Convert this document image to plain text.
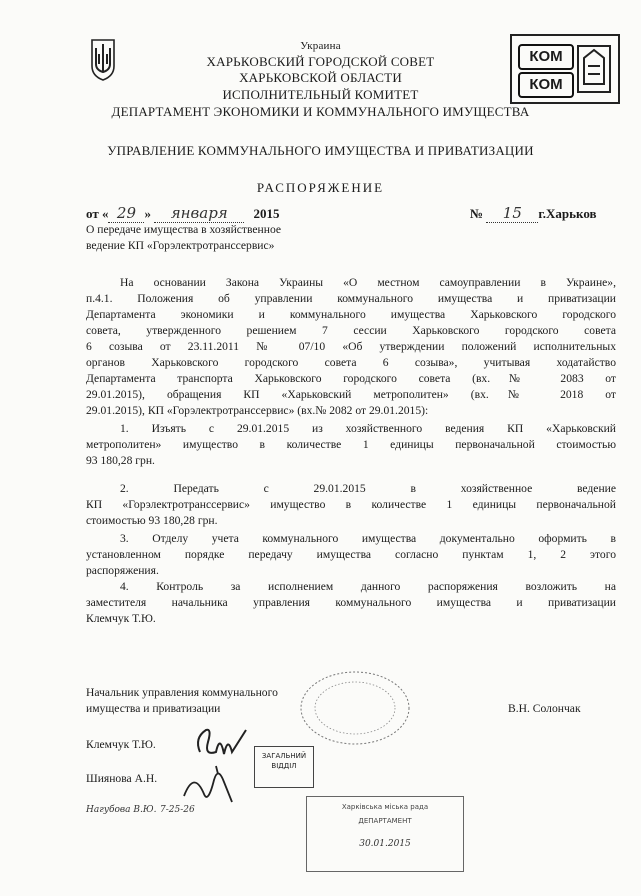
Украина
ХАРЬКОВСКИЙ ГОРОДСКОЙ СОВЕТ
ХАРЬКОВСКОЙ ОБЛАСТИ
ИСПОЛНИТЕЛЬНЫЙ КОМИТЕТ
ДЕПАРТАМЕНТ ЭКОНОМИКИ И КОММУНАЛЬНОГО ИМУЩЕСТВА
КОМ
КОМ
УПРАВЛЕНИЕ КОММУНАЛЬНОГО ИМУЩЕСТВА И ПРИВАТИЗАЦИИ
РАСПОРЯЖЕНИЕ
от « 29 » января 2015	№ 15 г.Харьков
О передаче имущества в хозяйственное
ведение КП «Горэлектротранссервис»
На основании Закона Украины «О местном самоуправлении в Украине»,
п.4.1. Положения об управлении коммунального имущества и приватизации
Департамента экономики и коммунального имущества Харьковского городского
совета, утвержденного решением 7 сессии Харьковского городского совета
6 созыва от 23.11.2011 № 07/10 «Об утверждении положений исполнительных
органов Харьковского городского совета 6 созыва», учитывая ходатайство
Департамента транспорта Харьковского городского совета (вх.№ 2083 от
29.01.2015), обращения КП «Харьковский метрополитен» (вх.№ 2018 от
29.01.2015), КП «Горэлектротранссервис» (вх.№ 2082 от 29.01.2015):
1. Изъять с 29.01.2015 из хозяйственного ведения КП «Харьковский
метрополитен» имущество в количестве 1 единицы первоначальной стоимостью
93 180,28 грн.
2. Передать с 29.01.2015 в хозяйственное ведение
КП «Горэлектротранссервис» имущество в количестве 1 единицы первоначальной
стоимостью 93 180,28 грн.
3. Отделу учета коммунального имущества документально оформить в
установленном порядке передачу имущества согласно пунктам 1, 2 этого
распоряжения.
4. Контроль за исполнением данного распоряжения возложить на
заместителя начальника управления коммунального имущества и приватизации
Клемчук Т.Ю.
Начальник управления коммунального
имущества и приватизации	В.Н. Солончак
Клемчук Т.Ю.
Шиянова А.Н.
Нагубова В.Ю. 7-25-26
ЗАГАЛЬНИЙ
ВІДДІЛ
Харківська міська рада
ДЕПАРТАМЕНТ
30.01.2015
